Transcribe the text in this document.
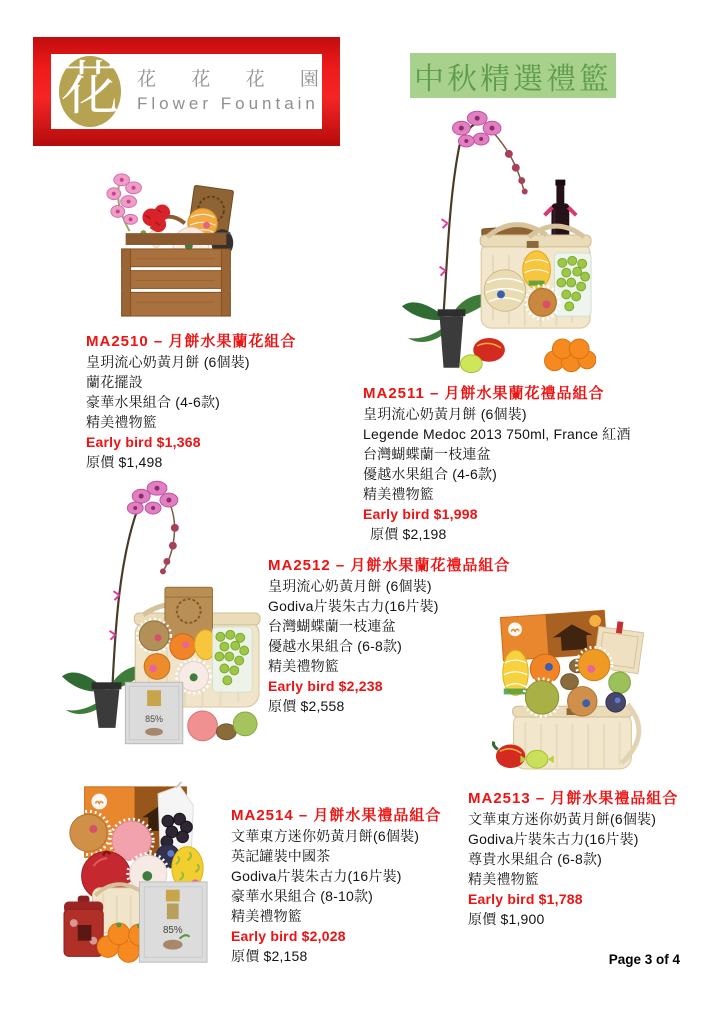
花 花 花 花 園
Flower Fountain
中秋精選禮籃
85%
85%
MA2510 – 月餅水果蘭花組合
皇玥流心奶黃月餅 (6個裝)
蘭花擺設
豪華水果組合 (4-6款)
精美禮物籃
Early bird $1,368
原價 $1,498
MA2511 – 月餅水果蘭花禮品組合
皇玥流心奶黃月餅 (6個裝)
Legende Medoc 2013 750ml, France 紅酒
台灣蝴蝶蘭一枝連盆
優越水果組合 (4-6款)
精美禮物籃
Early bird $1,998
原價 $2,198
MA2512 – 月餅水果蘭花禮品組合
皇玥流心奶黃月餅 (6個裝)
Godiva片裝朱古力(16片裝)
台灣蝴蝶蘭一枝連盆
優越水果組合 (6-8款)
精美禮物籃
Early bird $2,238
原價 $2,558
MA2513 – 月餅水果禮品組合
文華東方迷你奶黃月餅(6個裝)
Godiva片裝朱古力(16片裝)
尊貴水果組合 (6-8款)
精美禮物籃
Early bird $1,788
原價 $1,900
MA2514 – 月餅水果禮品組合
文華東方迷你奶黃月餅(6個裝)
英記罐裝中國茶
Godiva片裝朱古力(16片裝)
豪華水果組合 (8-10款)
精美禮物籃
Early bird $2,028
原價 $2,158	Page 3 of 4
